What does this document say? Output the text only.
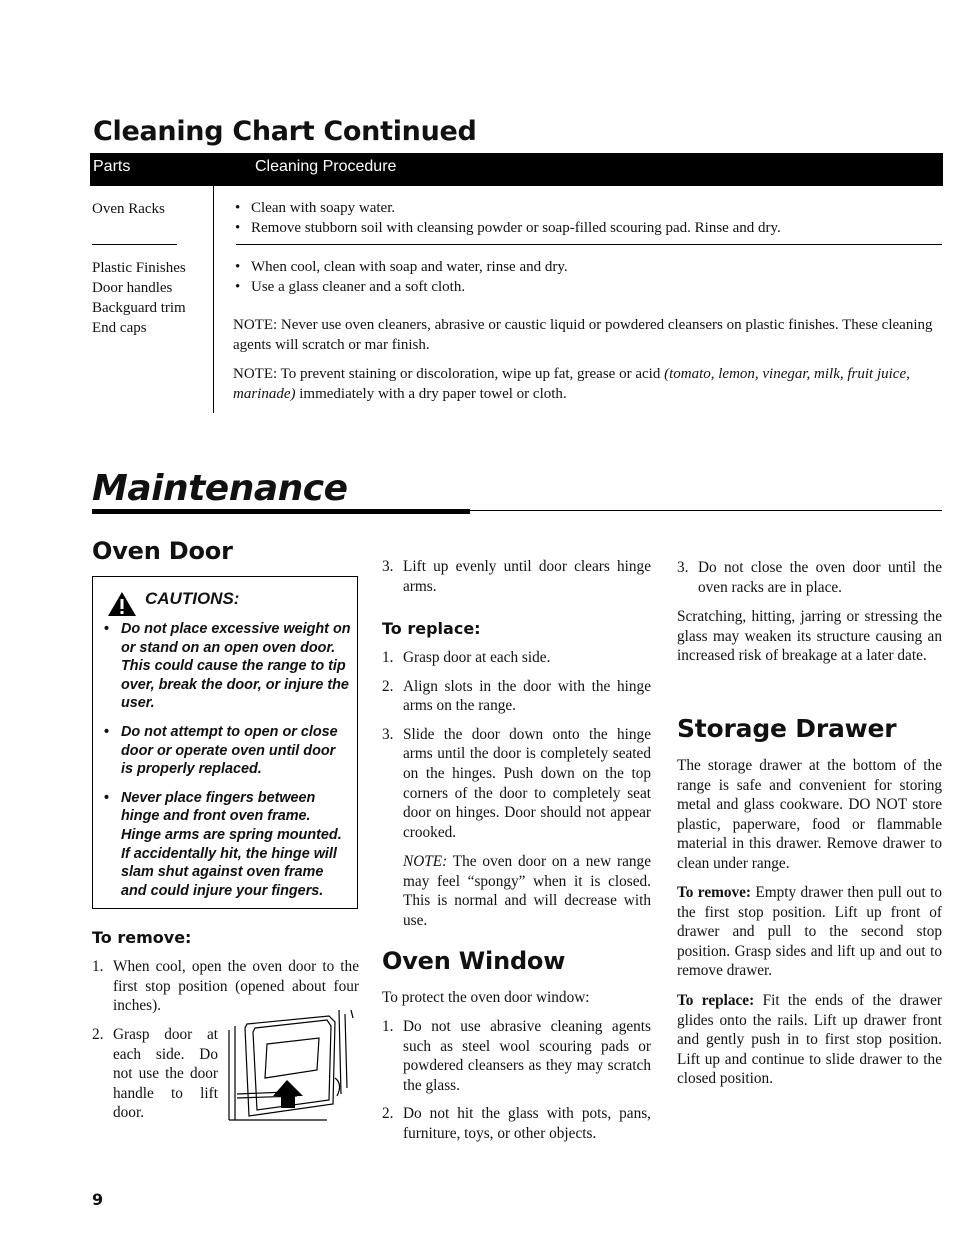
Cleaning Chart Continued
Parts	Cleaning Procedure
Oven Racks
•	Clean with soapy water.
• Remove stubborn soil with cleansing powder or soap-filled scouring pad. Rinse and dry.
Plastic Finishes
Door handles
Backguard trim
End caps
• When cool, clean with soap and water, rinse and dry.
• Use a glass cleaner and a soft cloth.

NOTE: Never use oven cleaners, abrasive or caustic liquid or powdered cleansers on plastic finishes. These cleaning agents will scratch or mar finish.

NOTE: To prevent staining or discoloration, wipe up fat, grease or acid (tomato, lemon, vinegar, milk, fruit juice, marinade) immediately with a dry paper towel or cloth.

Maintenance
Oven Door
CAUTIONS:
• Do not place excessive weight on or stand on an open oven door. This could cause the range to tip over, break the door, or injure the user.
• Do not attempt to open or close door or operate oven until door is properly replaced.
• Never place fingers between hinge and front oven frame. Hinge arms are spring mounted. If accidentally hit, the hinge will slam shut against oven frame and could injure your fingers.
To remove:
1. When cool, open the oven door to the first stop position (opened about four inches).
2. Grasp door at each side. Do not use the door handle to lift door.
3. Lift up evenly until door clears hinge arms.
To replace:
1. Grasp door at each side.
2. Align slots in the door with the hinge arms on the range.
3. Slide the door down onto the hinge arms until the door is completely seated on the hinges. Push down on the top corners of the door to completely seat door on hinges. Door should not appear crooked.

NOTE: The oven door on a new range may feel “spongy” when it is closed. This is normal and will decrease with use.

Oven Window

To protect the oven door window:

1. Do not use abrasive cleaning agents such as steel wool scouring pads or powdered cleansers as they may scratch the glass.
2. Do not hit the glass with pots, pans, furniture, toys, or other objects.
3. Do not close the oven door until the oven racks are in place.

Scratching, hitting, jarring or stressing the glass may weaken its structure causing an increased risk of breakage at a later date.

Storage Drawer

The storage drawer at the bottom of the range is safe and convenient for storing metal and glass cookware. DO NOT store plastic, paperware, food or flammable material in this drawer. Remove drawer to clean under range.

To remove: Empty drawer then pull out to the first stop position. Lift up front of drawer and pull to the second stop position. Grasp sides and lift up and out to remove drawer.

To replace: Fit the ends of the drawer glides onto the rails. Lift up drawer front and gently push in to first stop position. Lift up and continue to slide drawer to the closed position.

9
